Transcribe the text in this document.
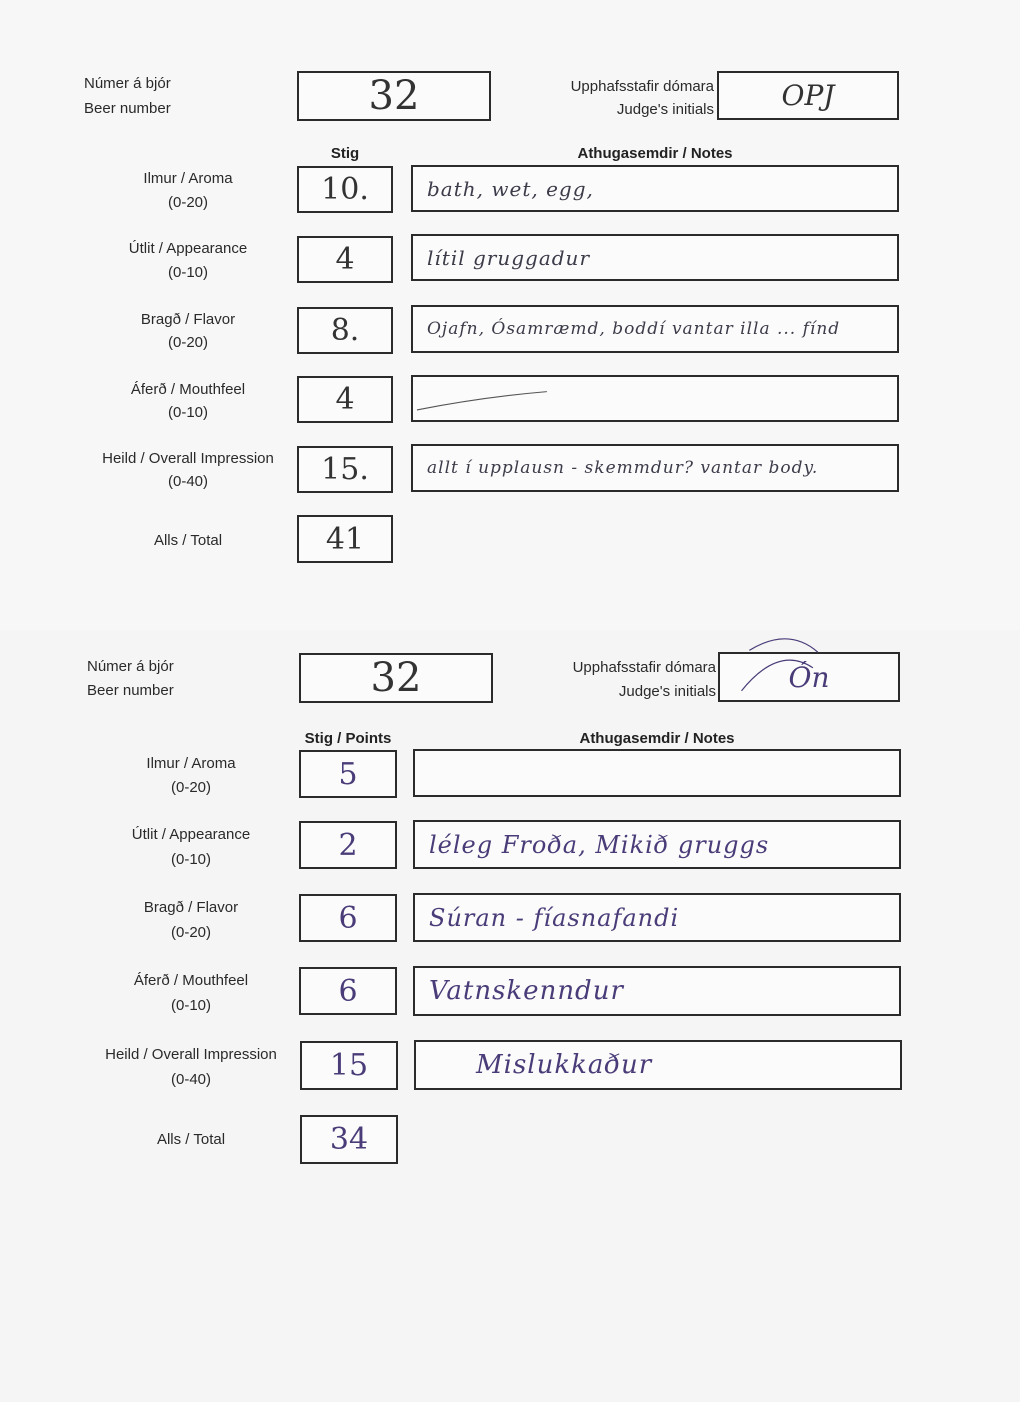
Númer á bjór
Beer number	32	Upphafsstafir dómara
Judge's initials	OPJ
Stig	Athugasemdir / Notes
Ilmur / Aroma
(0-20)	10.	bath, wet, egg,
Útlit / Appearance
(0-10)	4	lítil gruggadur
Bragð / Flavor
(0-20)	8.	Ojafn, Ósamræmd, boddí vantar illa ... fínd
Áferð / Mouthfeel
(0-10)	4
Heild / Overall Impression
(0-40)	15.	allt í upplausn - skemmdur? vantar body.
Alls / Total	41
Númer á bjór
Beer number	32	Upphafsstafir dómara
Judge's initials	Ón
Stig / Points	Athugasemdir / Notes
Ilmur / Aroma
(0-20)	5
Útlit / Appearance
(0-10)	2	léleg Froða, Mikið gruggs
Bragð / Flavor
(0-20)	6	Súran - fíasnafandi
Áferð / Mouthfeel
(0-10)	6	Vatnskenndur
Heild / Overall Impression
(0-40)	15	Mislukkaður
Alls / Total	34
